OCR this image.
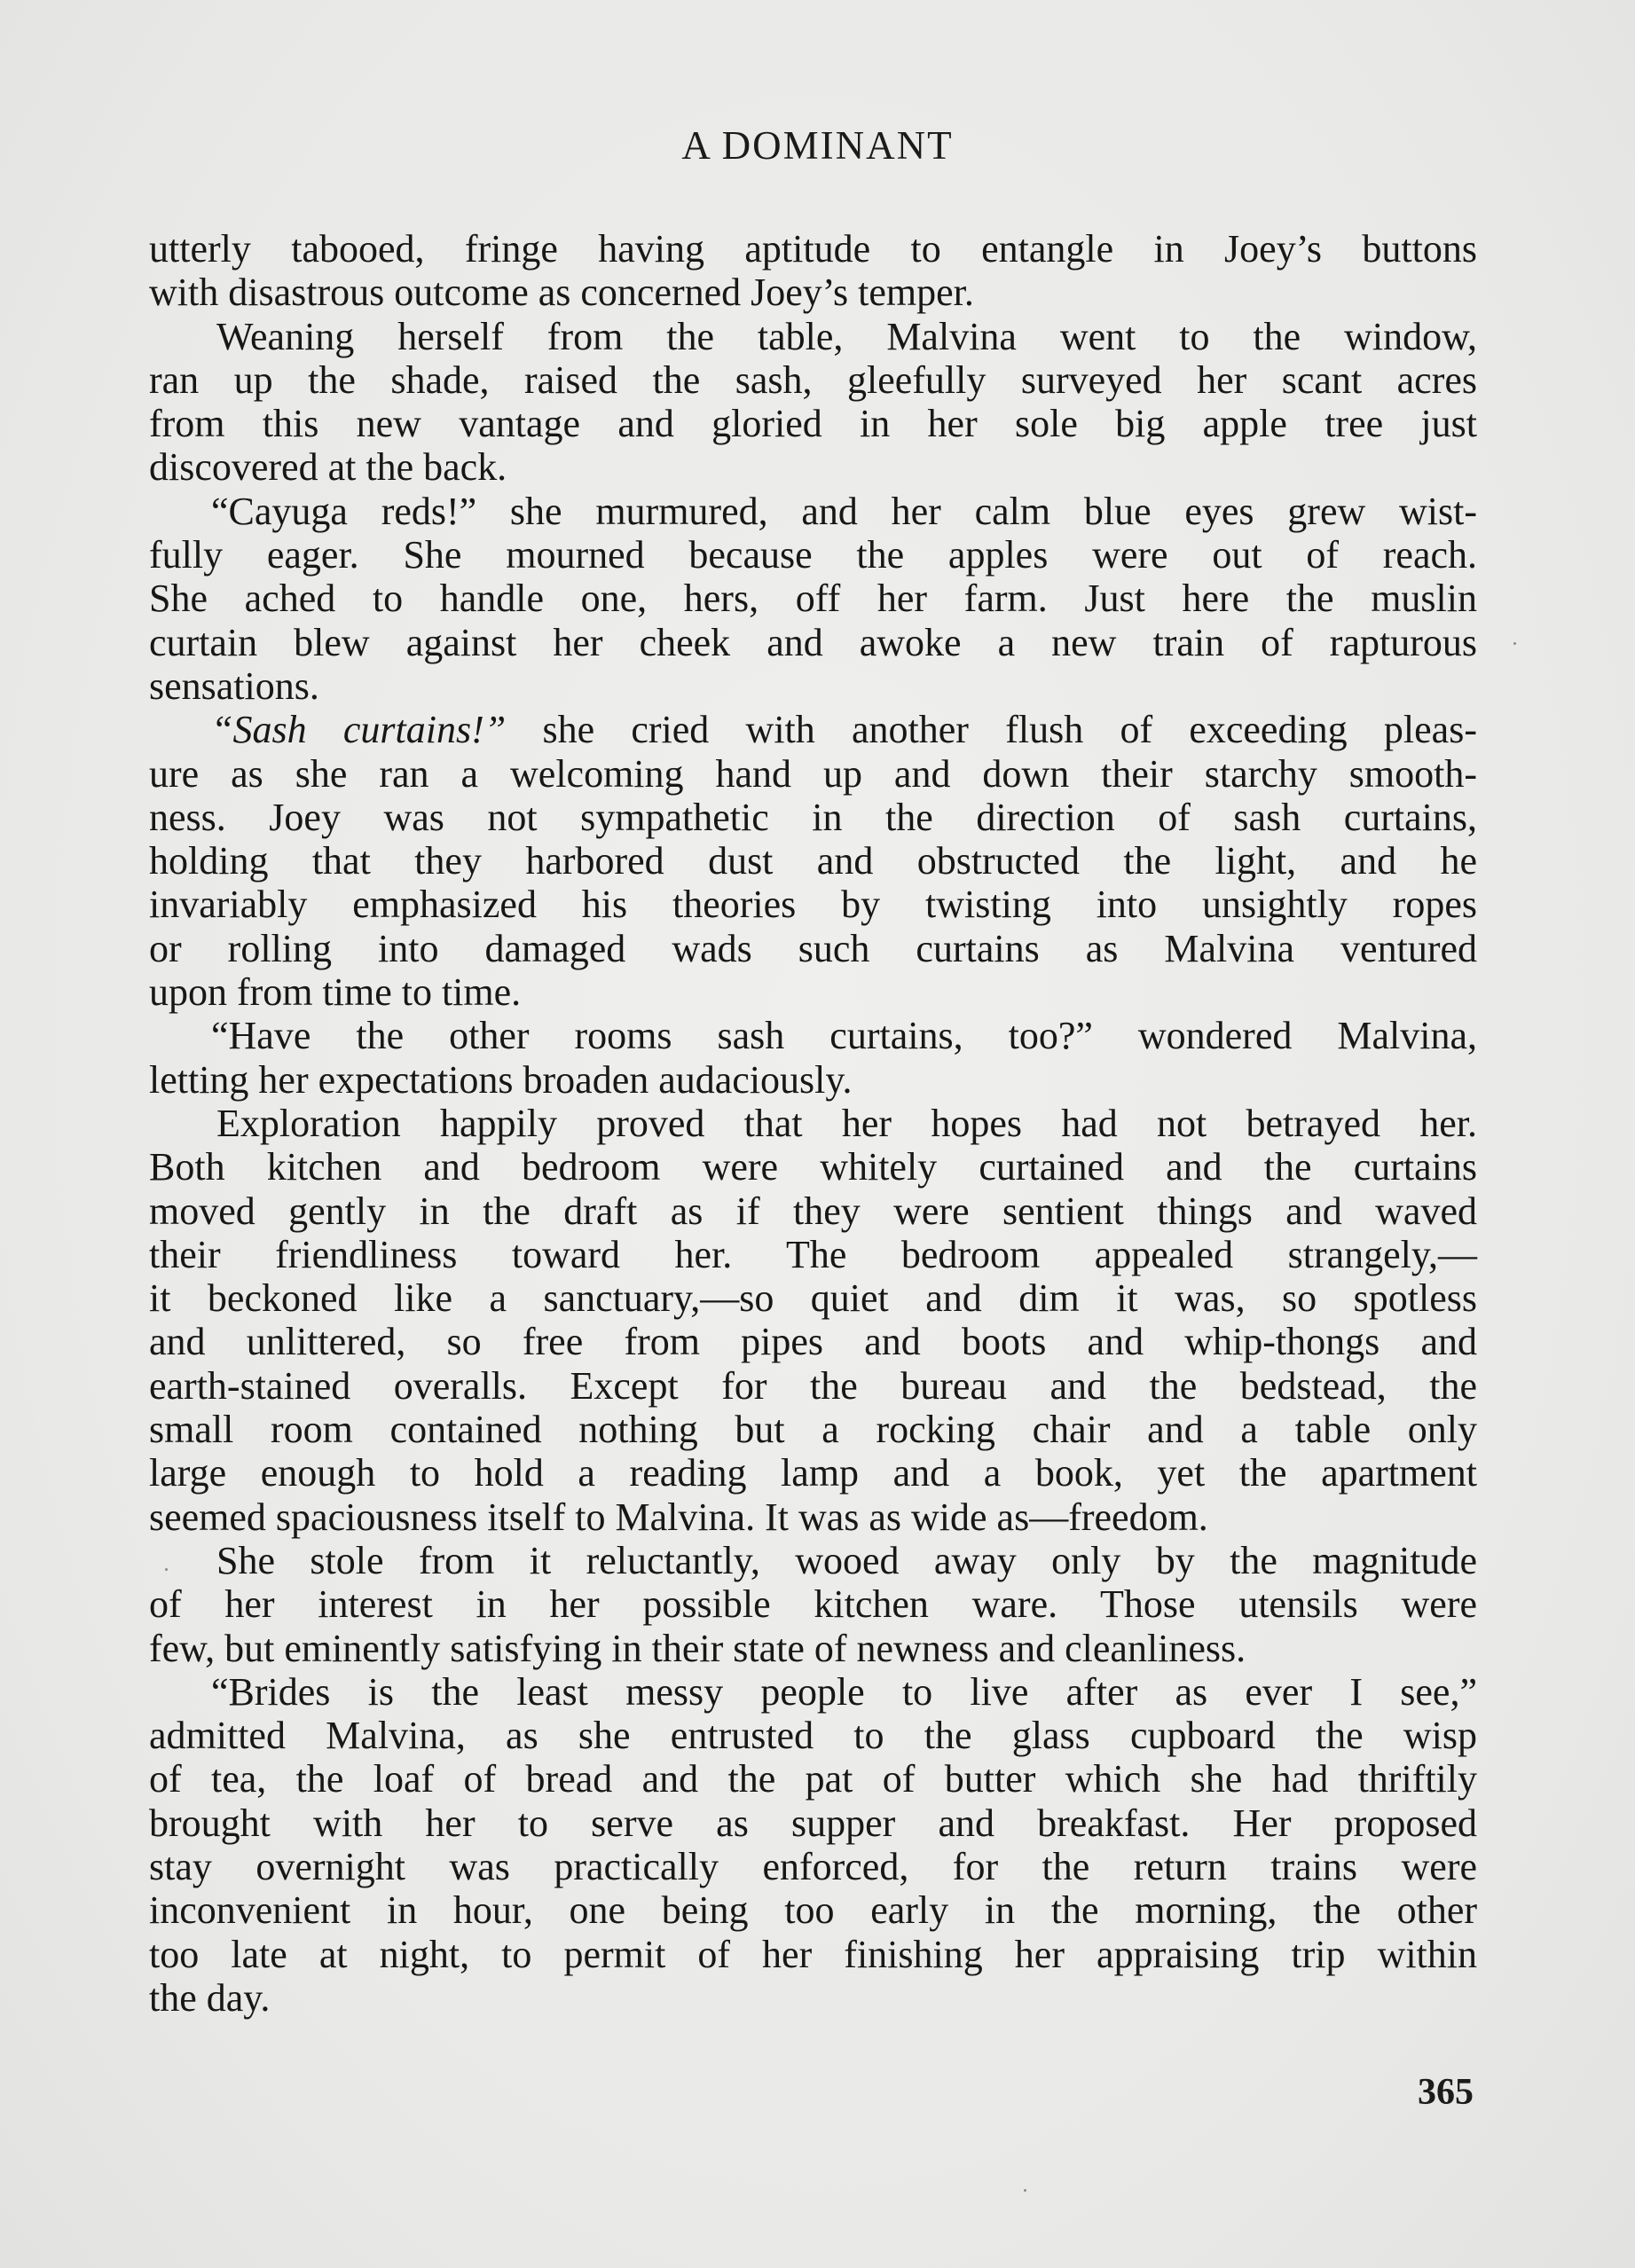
A DOMINANT
utterly tabooed, fringe having aptitude to entangle in Joey’s buttons
with disastrous outcome as concerned Joey’s temper.
Weaning herself from the table, Malvina went to the window,
ran up the shade, raised the sash, gleefully surveyed her scant acres
from this new vantage and gloried in her sole big apple tree just
discovered at the back.
“Cayuga reds!” she murmured, and her calm blue eyes grew wist-
fully eager. She mourned because the apples were out of reach.
She ached to handle one, hers, off her farm. Just here the muslin
curtain blew against her cheek and awoke a new train of rapturous
sensations.
“Sash curtains!” she cried with another flush of exceeding pleas-
ure as she ran a welcoming hand up and down their starchy smooth-
ness. Joey was not sympathetic in the direction of sash curtains,
holding that they harbored dust and obstructed the light, and he
invariably emphasized his theories by twisting into unsightly ropes
or rolling into damaged wads such curtains as Malvina ventured
upon from time to time.
“Have the other rooms sash curtains, too?” wondered Malvina,
letting her expectations broaden audaciously.
Exploration happily proved that her hopes had not betrayed her.
Both kitchen and bedroom were whitely curtained and the curtains
moved gently in the draft as if they were sentient things and waved
their friendliness toward her. The bedroom appealed strangely,—
it beckoned like a sanctuary,—so quiet and dim it was, so spotless
and unlittered, so free from pipes and boots and whip-thongs and
earth-stained overalls. Except for the bureau and the bedstead, the
small room contained nothing but a rocking chair and a table only
large enough to hold a reading lamp and a book, yet the apartment
seemed spaciousness itself to Malvina. It was as wide as—freedom.
She stole from it reluctantly, wooed away only by the magnitude
of her interest in her possible kitchen ware. Those utensils were
few, but eminently satisfying in their state of newness and cleanliness.
“Brides is the least messy people to live after as ever I see,”
admitted Malvina, as she entrusted to the glass cupboard the wisp
of tea, the loaf of bread and the pat of butter which she had thriftily
brought with her to serve as supper and breakfast. Her proposed
stay overnight was practically enforced, for the return trains were
inconvenient in hour, one being too early in the morning, the other
too late at night, to permit of her finishing her appraising trip within
the day.
365
